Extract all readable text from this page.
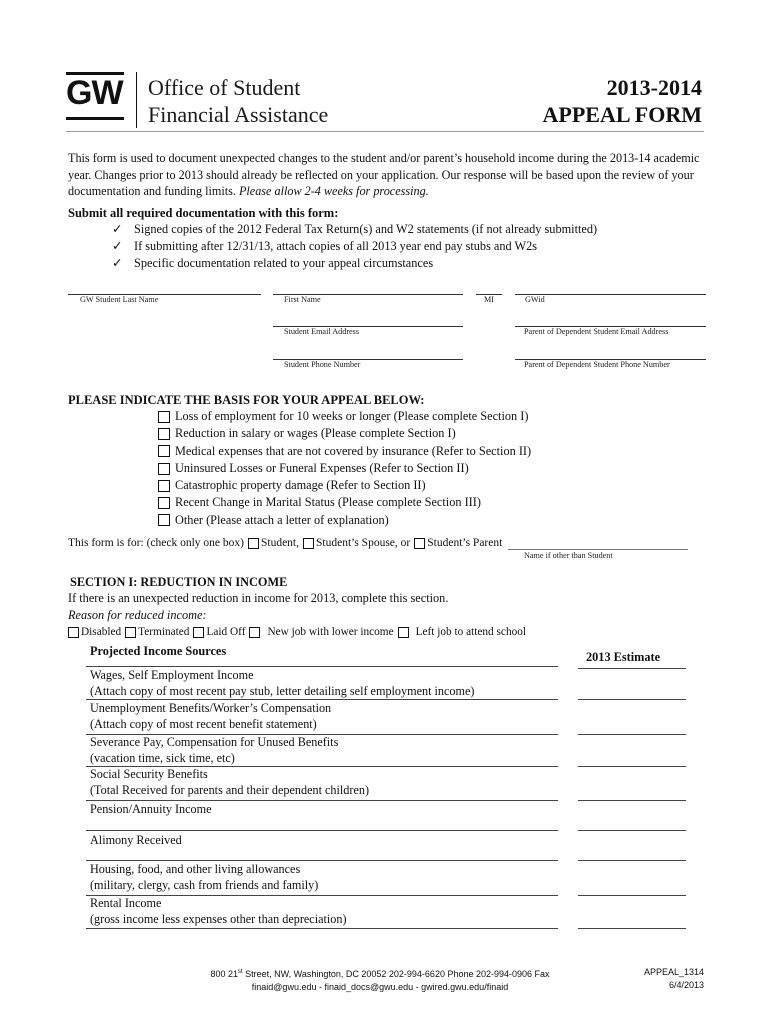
GW Office of Student
Financial Assistance
2013-2014
APPEAL FORM
This form is used to document unexpected changes to the student and/or parent’s household income during the 2013-14 academic year. Changes prior to 2013 should already be reflected on your application. Our response will be based upon the review of your documentation and funding limits. Please allow 2-4 weeks for processing.
Submit all required documentation with this form:
✓ Signed copies of the 2012 Federal Tax Return(s) and W2 statements (if not already submitted)
✓ If submitting after 12/31/13, attach copies of all 2013 year end pay stubs and W2s
✓ Specific documentation related to your appeal circumstances
GW Student Last Name	First Name	MI	GWid
Student Email Address	Parent of Dependent Student Email Address
Student Phone Number	Parent of Dependent Student Phone Number
PLEASE INDICATE THE BASIS FOR YOUR APPEAL BELOW:
Loss of employment for 10 weeks or longer (Please complete Section I)
Reduction in salary or wages (Please complete Section I)
Medical expenses that are not covered by insurance (Refer to Section II)
Uninsured Losses or Funeral Expenses (Refer to Section II)
Catastrophic property damage (Refer to Section II)
Recent Change in Marital Status (Please complete Section III)
Other (Please attach a letter of explanation)
This form is for: (check only one box) Student, Student’s Spouse, or Student’s Parent
Name if other than Student
SECTION I: REDUCTION IN INCOME
If there is an unexpected reduction in income for 2013, complete this section.
Reason for reduced income:
Disabled Terminated Laid Off New job with lower income Left job to attend school
Projected Income Sources	2013 Estimate
Wages, Self Employment Income
(Attach copy of most recent pay stub, letter detailing self employment income)
Unemployment Benefits/Worker’s Compensation
(Attach copy of most recent benefit statement)
Severance Pay, Compensation for Unused Benefits
(vacation time, sick time, etc)
Social Security Benefits
(Total Received for parents and their dependent children)
Pension/Annuity Income
Alimony Received
Housing, food, and other living allowances
(military, clergy, cash from friends and family)
Rental Income
(gross income less expenses other than depreciation)
800 21st Street, NW, Washington, DC 20052 202-994-6620 Phone 202-994-0906 Fax
finaid@gwu.edu - finaid_docs@gwu.edu - gwired.gwu.edu/finaid
APPEAL_1314
6/4/2013
